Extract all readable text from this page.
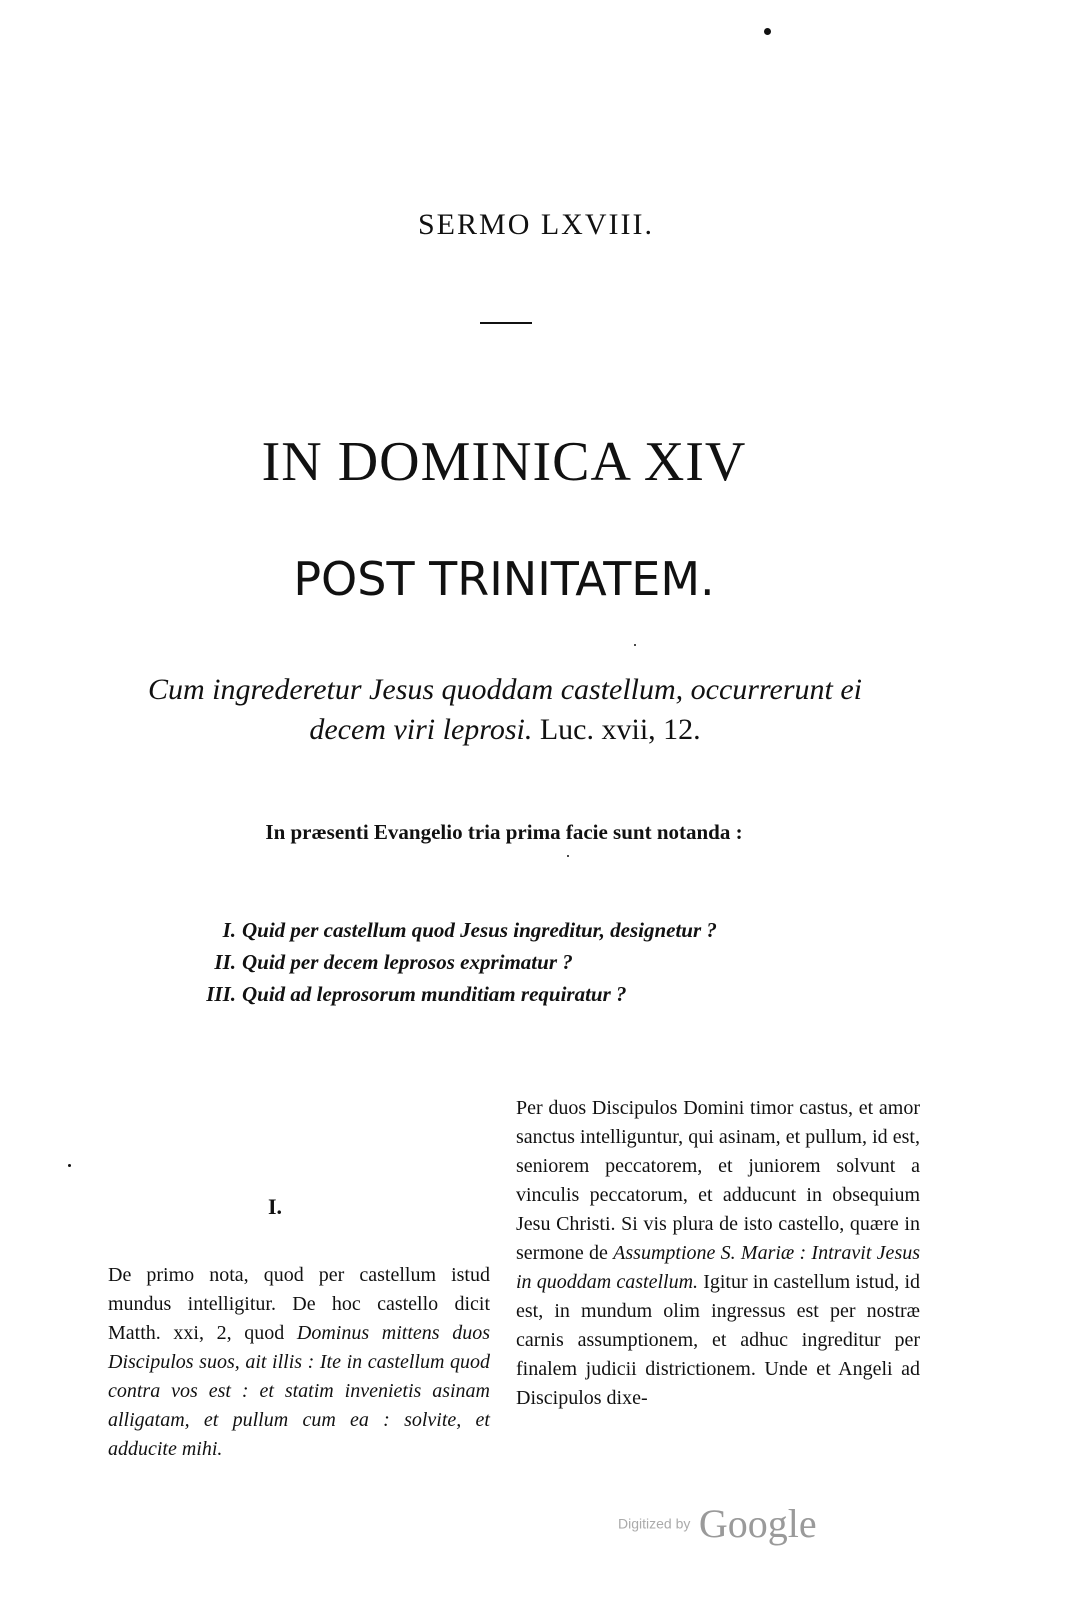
SERMO LXVIII.
IN DOMINICA XIV
POST TRINITATEM.
Cum ingrederetur Jesus quoddam castellum, occurrerunt ei
decem viri leprosi. Luc. xvii, 12.
In præsenti Evangelio tria prima facie sunt notanda :
I. Quid per castellum quod Jesus ingreditur, designetur ?
II. Quid per decem leprosos exprimatur ?
III. Quid ad leprosorum munditiam requiratur ?
I.
De primo nota, quod per castellum istud mundus intelligitur. De hoc castello dicit Matth. xxi, 2, quod Dominus mittens duos Discipulos suos, ait illis : Ite in castellum quod contra vos est : et statim invenietis asinam alligatam, et pullum cum ea : solvite, et adducite mihi.
Per duos Discipulos Domini timor castus, et amor sanctus intelliguntur, qui asinam, et pullum, id est, seniorem peccatorem, et juniorem solvunt a vinculis peccatorum, et adducunt in obsequium Jesu Christi. Si vis plura de isto castello, quære in sermone de Assumptione S. Mariæ : Intravit Jesus in quoddam castellum. Igitur in castellum istud, id est, in mundum olim ingressus est per nostræ carnis assumptionem, et adhuc ingreditur per finalem judicii districtionem. Unde et Angeli ad Discipulos dixe-
Digitized by Google
